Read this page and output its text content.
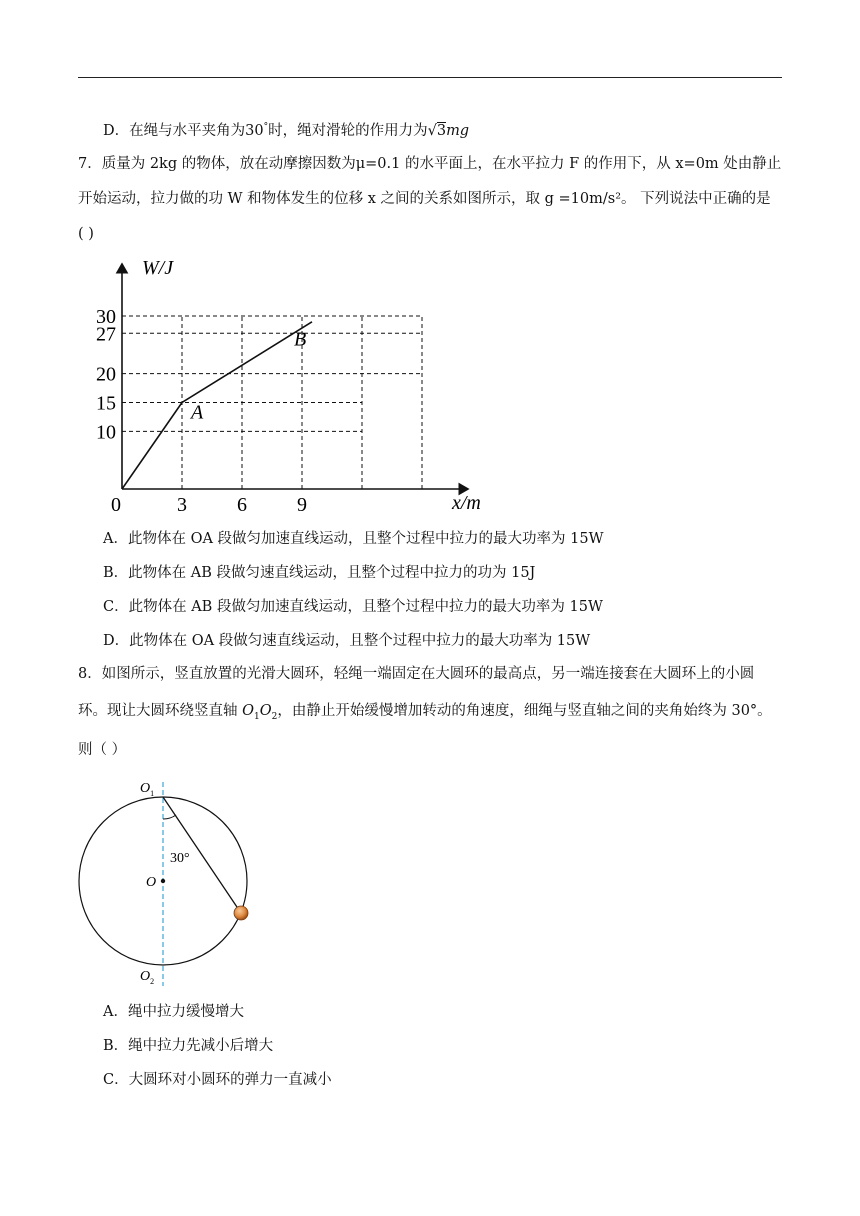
D．在绳与水平夹角为30°时，绳对滑轮的作用力为√3mg
7．质量为 2kg 的物体，放在动摩擦因数为μ=0.1 的水平面上，在水平拉力 F 的作用下，从 x=0m 处由静止
开始运动，拉力做的功 W 和物体发生的位移 x 之间的关系如图所示，取 g =10m/s²。 下列说法中正确的是
( )
10
15
20
27
30
0	3	6	9
W/J
x/m
A
B
A．此物体在 OA 段做匀加速直线运动，且整个过程中拉力的最大功率为 15W
B．此物体在 AB 段做匀速直线运动，且整个过程中拉力的功为 15J
C．此物体在 AB 段做匀加速直线运动，且整个过程中拉力的最大功率为 15W
D．此物体在 OA 段做匀速直线运动，且整个过程中拉力的最大功率为 15W
8．如图所示，竖直放置的光滑大圆环，轻绳一端固定在大圆环的最高点，另一端连接套在大圆环上的小圆
环。现让大圆环绕竖直轴 $O_1O_2$，由静止开始缓慢增加转动的角速度，细绳与竖直轴之间的夹角始终为 30°。
则（ ）
$O_1$
O
30°
$O_2$
A．绳中拉力缓慢增大
B．绳中拉力先减小后增大
C．大圆环对小圆环的弹力一直减小
